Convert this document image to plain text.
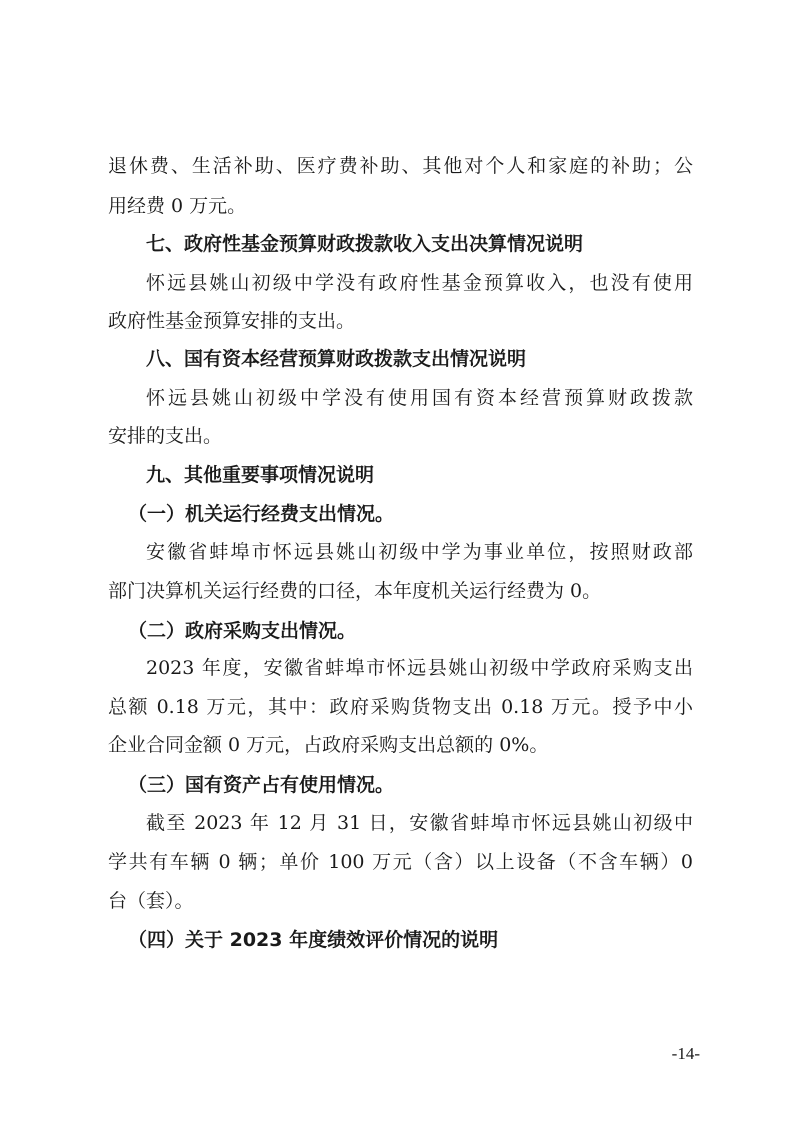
退休费、生活补助、医疗费补助、其他对个人和家庭的补助；公
用经费 0 万元。
七、政府性基金预算财政拨款收入支出决算情况说明
怀远县姚山初级中学没有政府性基金预算收入，也没有使用
政府性基金预算安排的支出。
八、国有资本经营预算财政拨款支出情况说明
怀远县姚山初级中学没有使用国有资本经营预算财政拨款
安排的支出。
九、其他重要事项情况说明
（一）机关运行经费支出情况。
安徽省蚌埠市怀远县姚山初级中学为事业单位，按照财政部
部门决算机关运行经费的口径，本年度机关运行经费为 0。
（二）政府采购支出情况。
2023 年度，安徽省蚌埠市怀远县姚山初级中学政府采购支出
总额 0.18 万元，其中：政府采购货物支出 0.18 万元。授予中小
企业合同金额 0 万元，占政府采购支出总额的 0%。
（三）国有资产占有使用情况。
截至 2023 年 12 月 31 日，安徽省蚌埠市怀远县姚山初级中
学共有车辆 0 辆；单价 100 万元（含）以上设备（不含车辆）0
台（套）。
（四）关于 2023 年度绩效评价情况的说明
-14-
